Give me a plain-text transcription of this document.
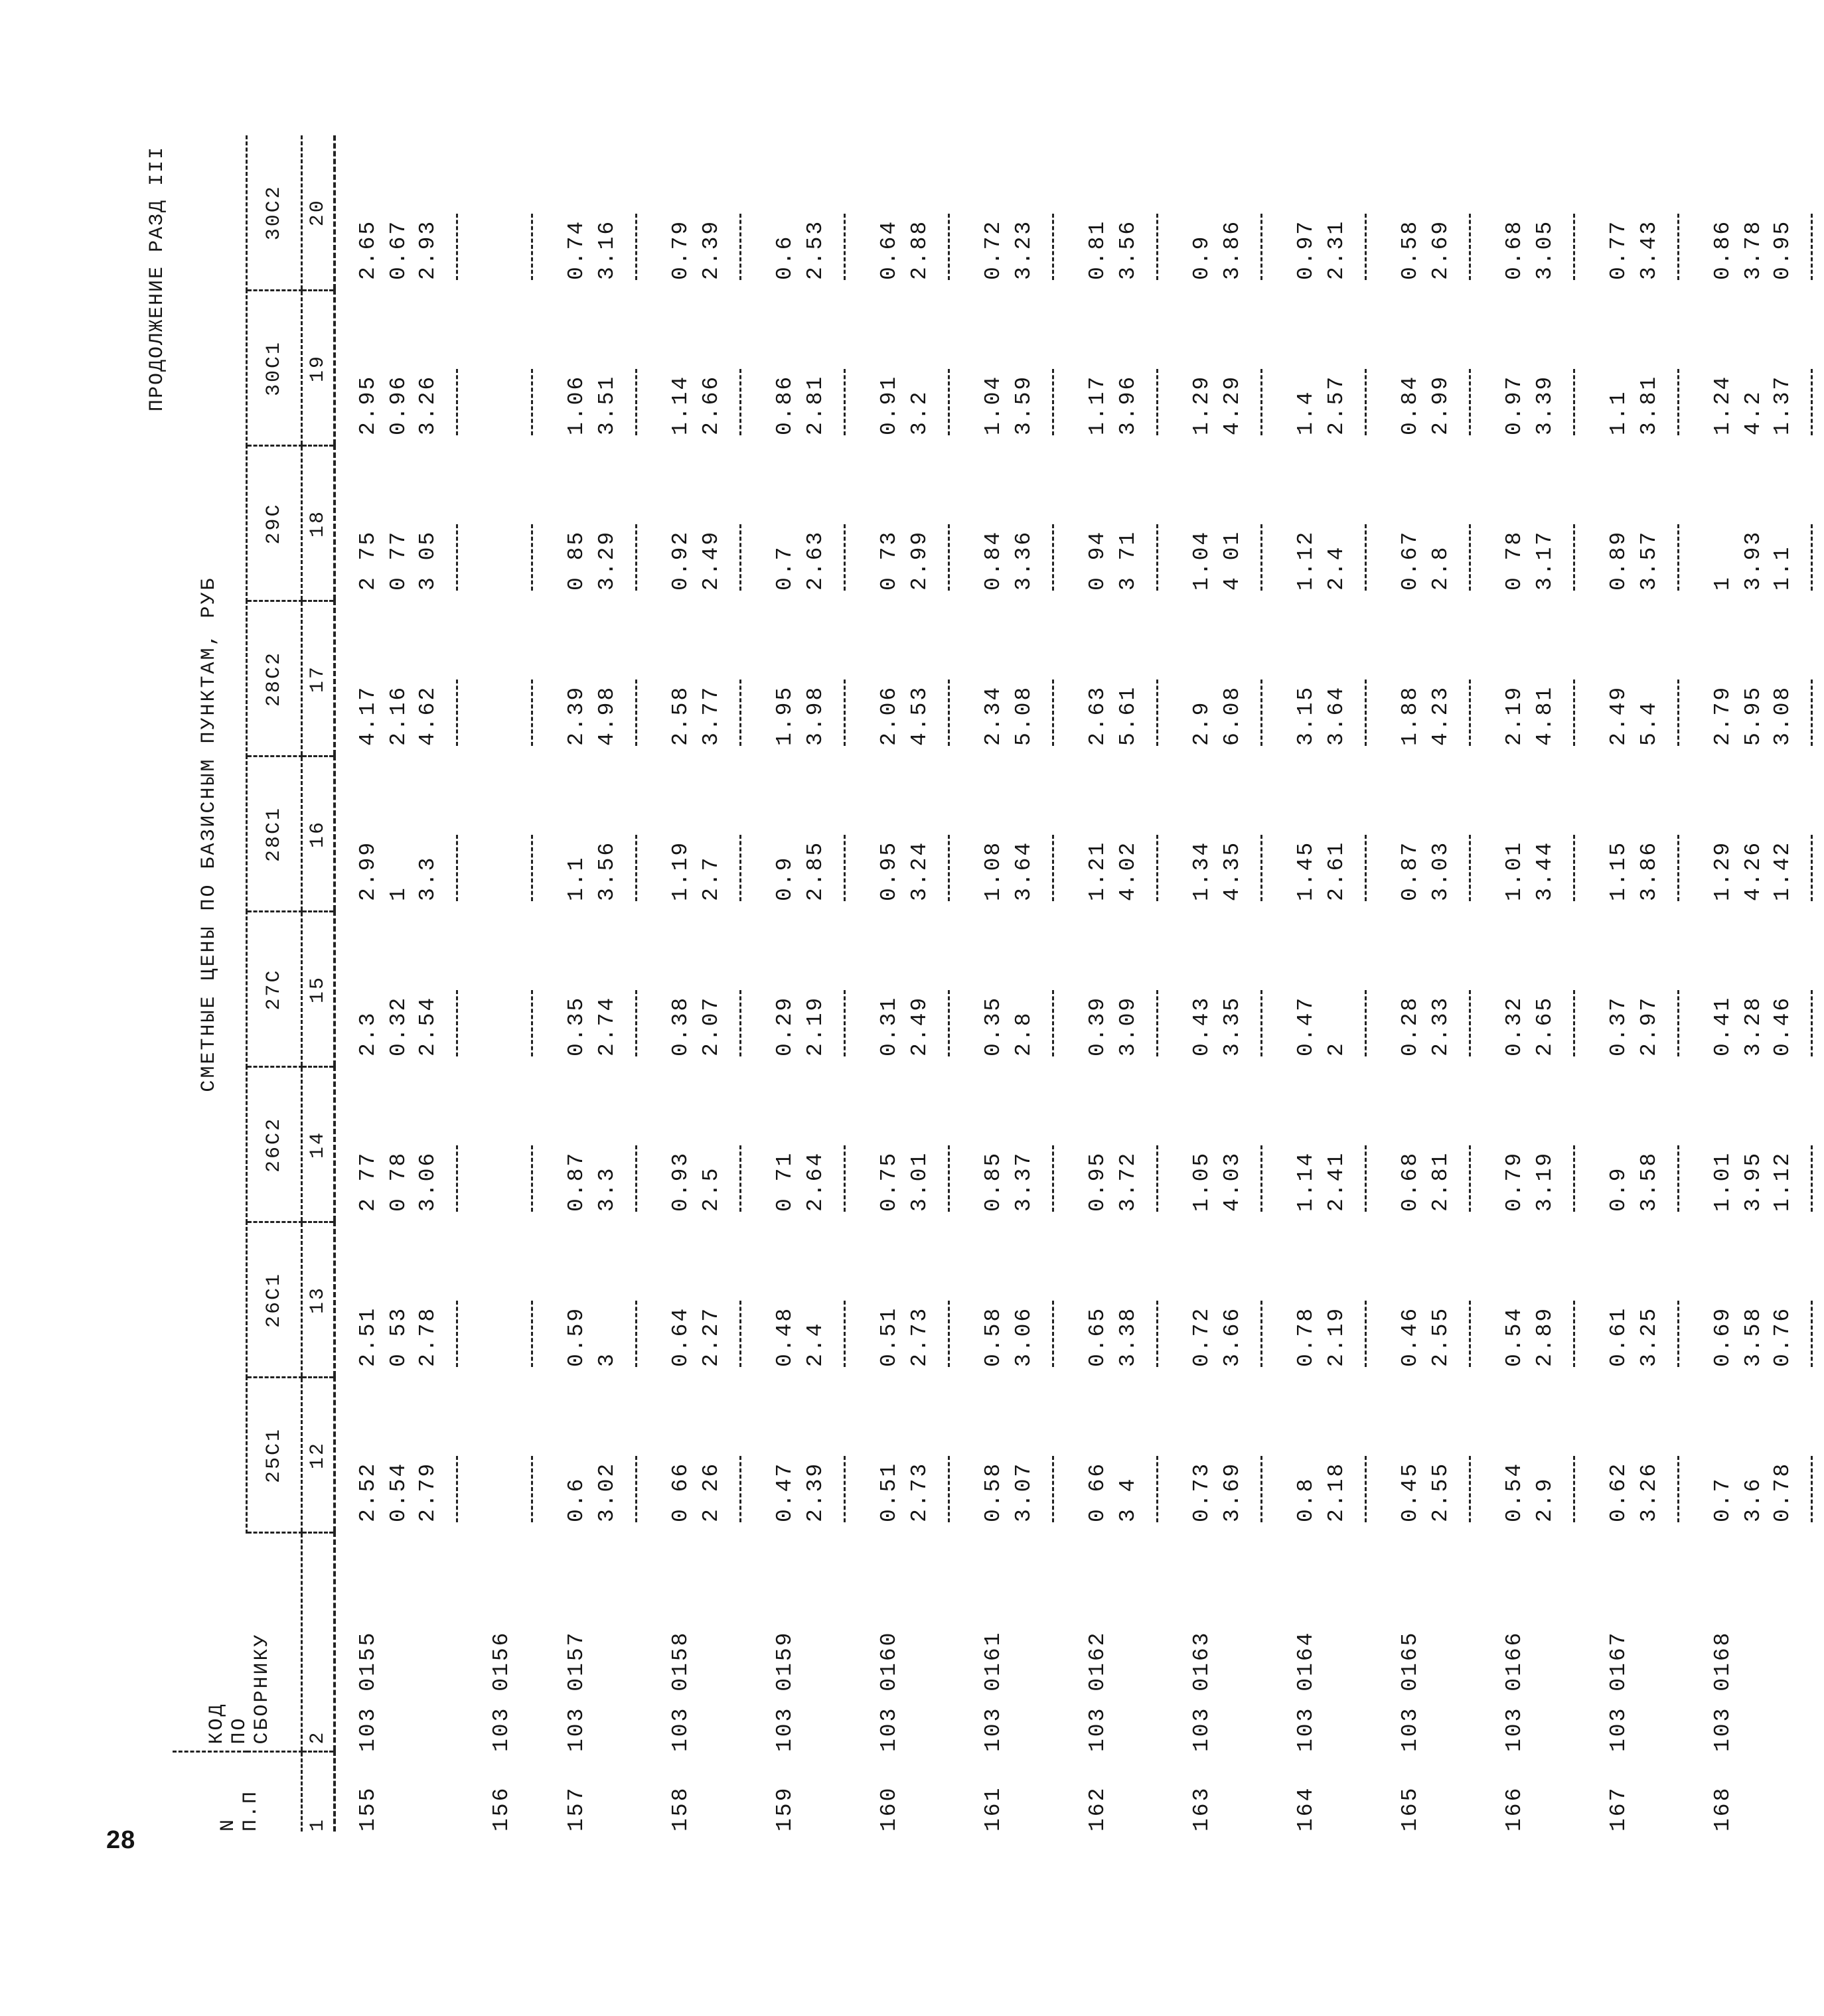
28
ПРОДОЛЖЕНИЕ РАЗД III
N
П.П	КОД
ПО
СБОРНИКУ	СМЕТНЫЕ ЦЕНЫ ПО БАЗИСНЫМ ПУНКТАМ, РУБ								
		25С1	26С1	26С2	27С	28С1	28С2	29С	30С1	30С2
1	2	12	13	14	15	16	17	18	19	20
155	103 0155	2.52	2.51	2 77	2.3	2.99	4.17	2 75	2.95	2.65
		0.54	0 53	0 78	0.32	1	2.16	0 77	0.96	0.67
		2.79	2.78	3.06	2.54	3.3	4.62	3 05	3.26	2.93

156	103 0156									

157	103 0157	0.6	0.59	0.87	0.35	1.1	2.39	0 85	1.06	0.74
		3.02	3	3.3	2.74	3.56	4.98	3.29	3.51	3.16

158	103 0158	0 66	0.64	0.93	0.38	1.19	2.58	0.92	1.14	0.79
		2 26	2.27	2.5	2.07	2.7	3.77	2.49	2.66	2.39

159	103 0159	0.47	0.48	0 71	0.29	0.9	1.95	0.7	0.86	0.6
		2.39	2.4	2.64	2.19	2.85	3.98	2.63	2.81	2.53

160	103 0160	0.51	0.51	0.75	0.31	0.95	2.06	0 73	0.91	0.64
		2.73	2.73	3.01	2.49	3.24	4.53	2.99	3.2	2.88

161	103 0161	0.58	0.58	0.85	0.35	1.08	2.34	0.84	1.04	0.72
		3.07	3.06	3.37	2.8	3.64	5.08	3.36	3.59	3.23

162	103 0162	0 66	0.65	0.95	0.39	1.21	2.63	0 94	1.17	0.81
		3 4	3.38	3.72	3.09	4.02	5.61	3 71	3.96	3.56

163	103 0163	0.73	0.72	1.05	0.43	1.34	2.9	1.04	1.29	0.9
		3.69	3.66	4.03	3.35	4.35	6.08	4 01	4.29	3.86

164	103 0164	0.8	0.78	1.14	0.47	1.45	3.15	1.12	1.4	0.97
		2.18	2.19	2.41	2	2.61	3.64	2.4	2.57	2.31

165	103 0165	0.45	0.46	0.68	0.28	0.87	1.88	0.67	0.84	0.58
		2.55	2.55	2.81	2.33	3.03	4.23	2.8	2.99	2.69

166	103 0166	0.54	0.54	0.79	0.32	1.01	2.19	0 78	0.97	0.68
		2.9	2.89	3.19	2.65	3.44	4.81	3.17	3.39	3.05

167	103 0167	0.62	0.61	0.9	0.37	1.15	2.49	0.89	1.1	0.77
		3.26	3.25	3.58	2.97	3.86	5.4	3.57	3.81	3.43

168	103 0168	0.7	0.69	1.01	0.41	1.29	2.79	1	1.24	0.86
		3.6	3.58	3.95	3.28	4.26	5.95	3.93	4.2	3.78
		0.78	0.76	1.12	0.46	1.42	3.08	1.1	1.37	0.95
